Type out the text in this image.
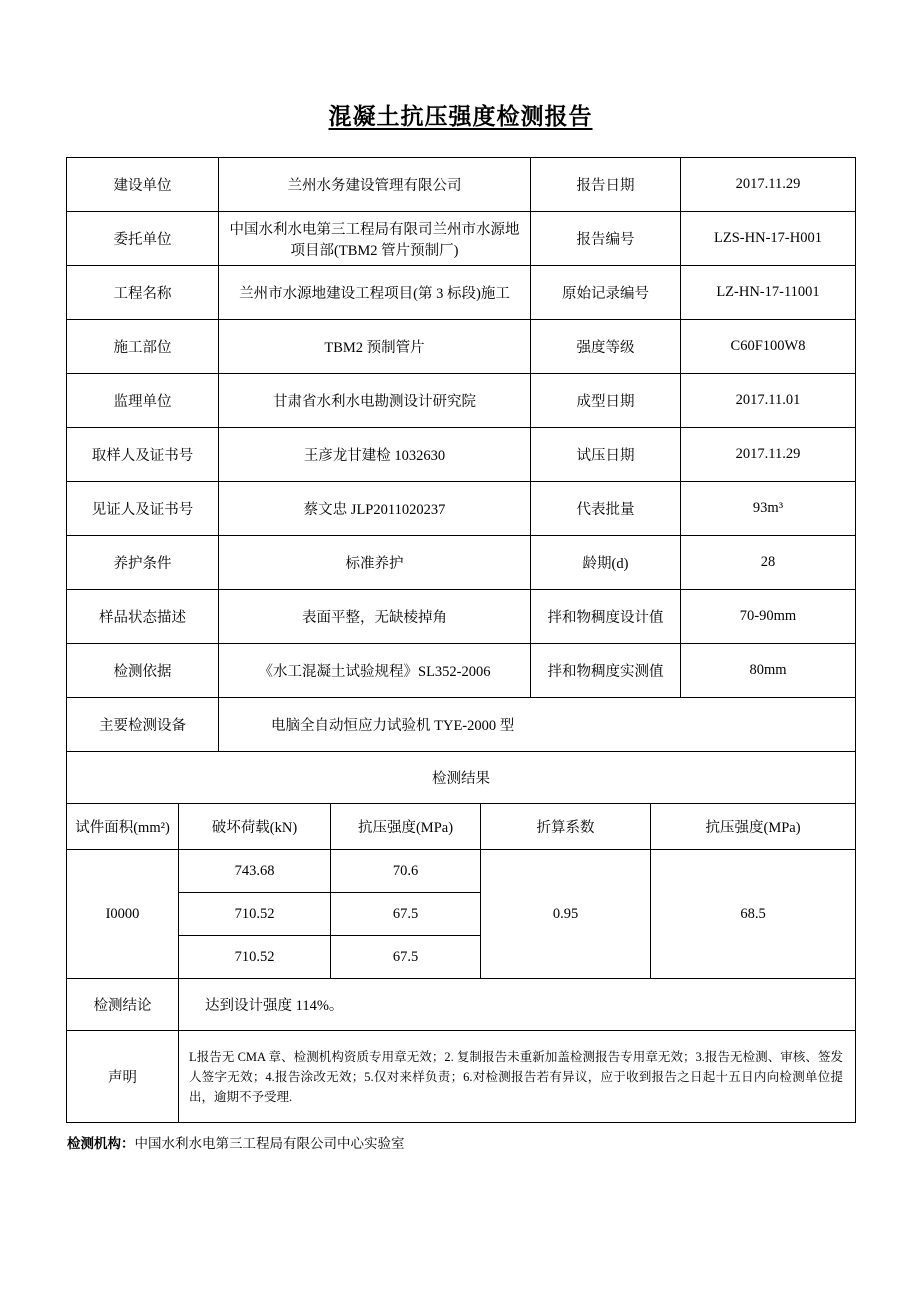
混凝土抗压强度检测报告
建设单位	兰州水务建设管理有限公司	报告日期	2017.11.29
委托单位	中国水利水电第三工程局有限司兰州市水源地项目部(TBM2 管片预制厂)	报告编号	LZS-HN-17-H001
工程名称	兰州市水源地建设工程项目(第 3 标段)施工	原始记录编号	LZ-HN-17-11001
施工部位	TBM2 预制管片	强度等级	C60F100W8
监理单位	甘肃省水利水电勘测设计研究院	成型日期	2017.11.01
取样人及证书号	王彦龙甘建检 1032630	试压日期	2017.11.29
见证人及证书号	蔡文忠 JLP2011020237	代表批量	93m³
养护条件	标准养护	龄期(d)	28
样品状态描述	表面平整，无缺棱掉角	拌和物稠度设计值	70-90mm
检测依据	《水工混凝土试验规程》SL352-2006	拌和物稠度实测值	80mm
主要检测设备	电脑全自动恒应力试验机 TYE-2000 型		
检测结果				
试件面积(mm²)	破坏荷载(kN)	抗压强度(MPa)	折算系数	抗压强度(MPa)
I0000	743.68	70.6	0.95	68.5
	710.52	67.5		
	710.52	67.5		
检测结论	达到设计强度 114%。			
声明	L报告无 CMA 章、检测机构资质专用章无效；2. 复制报告未重新加盖检测报告专用章无效；3.报告无检测、审核、签发人签字无效；4.报告涂改无效；5.仅对来样负责；6.对检测报告若有异议，应于收到报告之日起十五日内向检测单位提出，逾期不予受理.			
检测机构：中国水利水电第三工程局有限公司中心实验室
